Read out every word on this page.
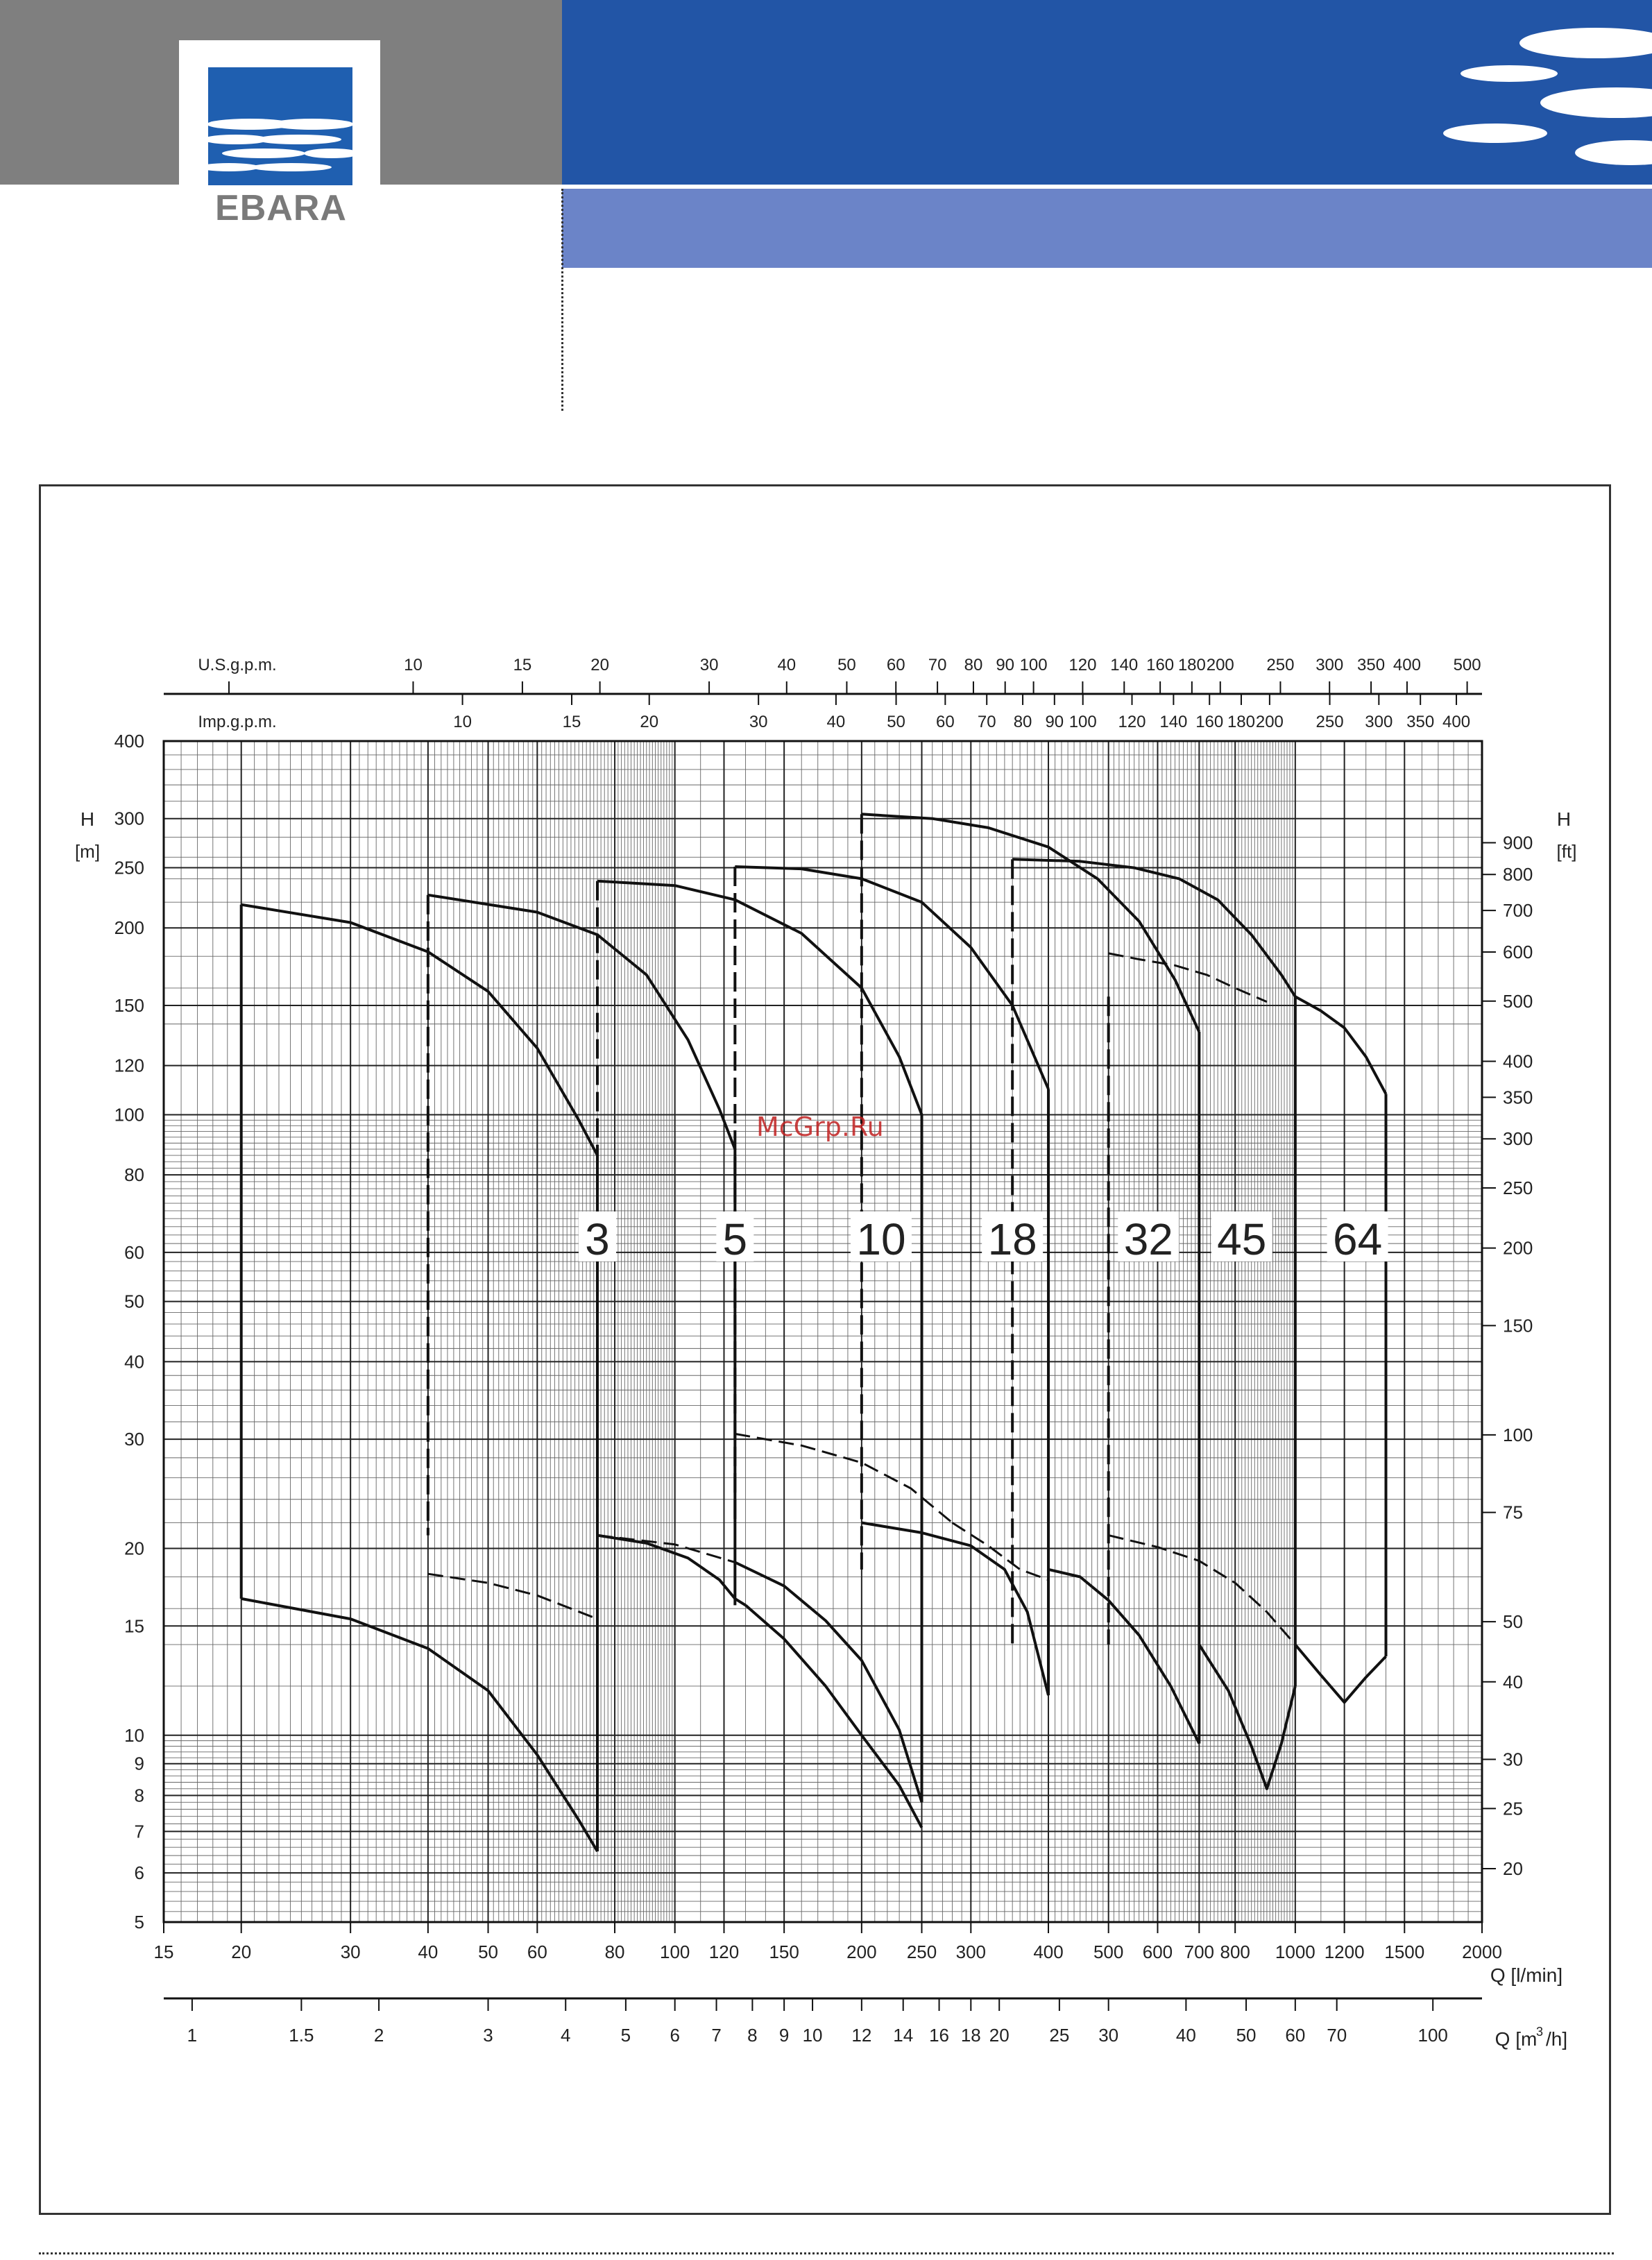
EBARA
15	20	30	40 50 60	80 100 120 150	200 250 300	400 500 600 700 800 1000 1200 1500 2000
Q [l/min]
1	1.5	2	3	4	5 6 7 8 9 10 12 14 16 18 20 25 30	40 50 60 70	100 Q [m
3 /h]
10	15	20	30	40 50 60 70 80 90 100 120 140 160 180 200 250 300 350 400 500
U.S.g.p.m.
10	15	20	30	40 50 60 70 80 90 100 120 140 160 180 200 250 300 350 400
Imp.g.p.m.
5
6
7
8
9
10
15
20
30
40
50
60
80
100
120
150
200
250
300
400
H
[m]
20
25
30
40
50
75
100
150
200
250
300
350
400
500
600
700
800
900
H
[ft]
3	5 10 18 32 45 64
McGrp.Ru
